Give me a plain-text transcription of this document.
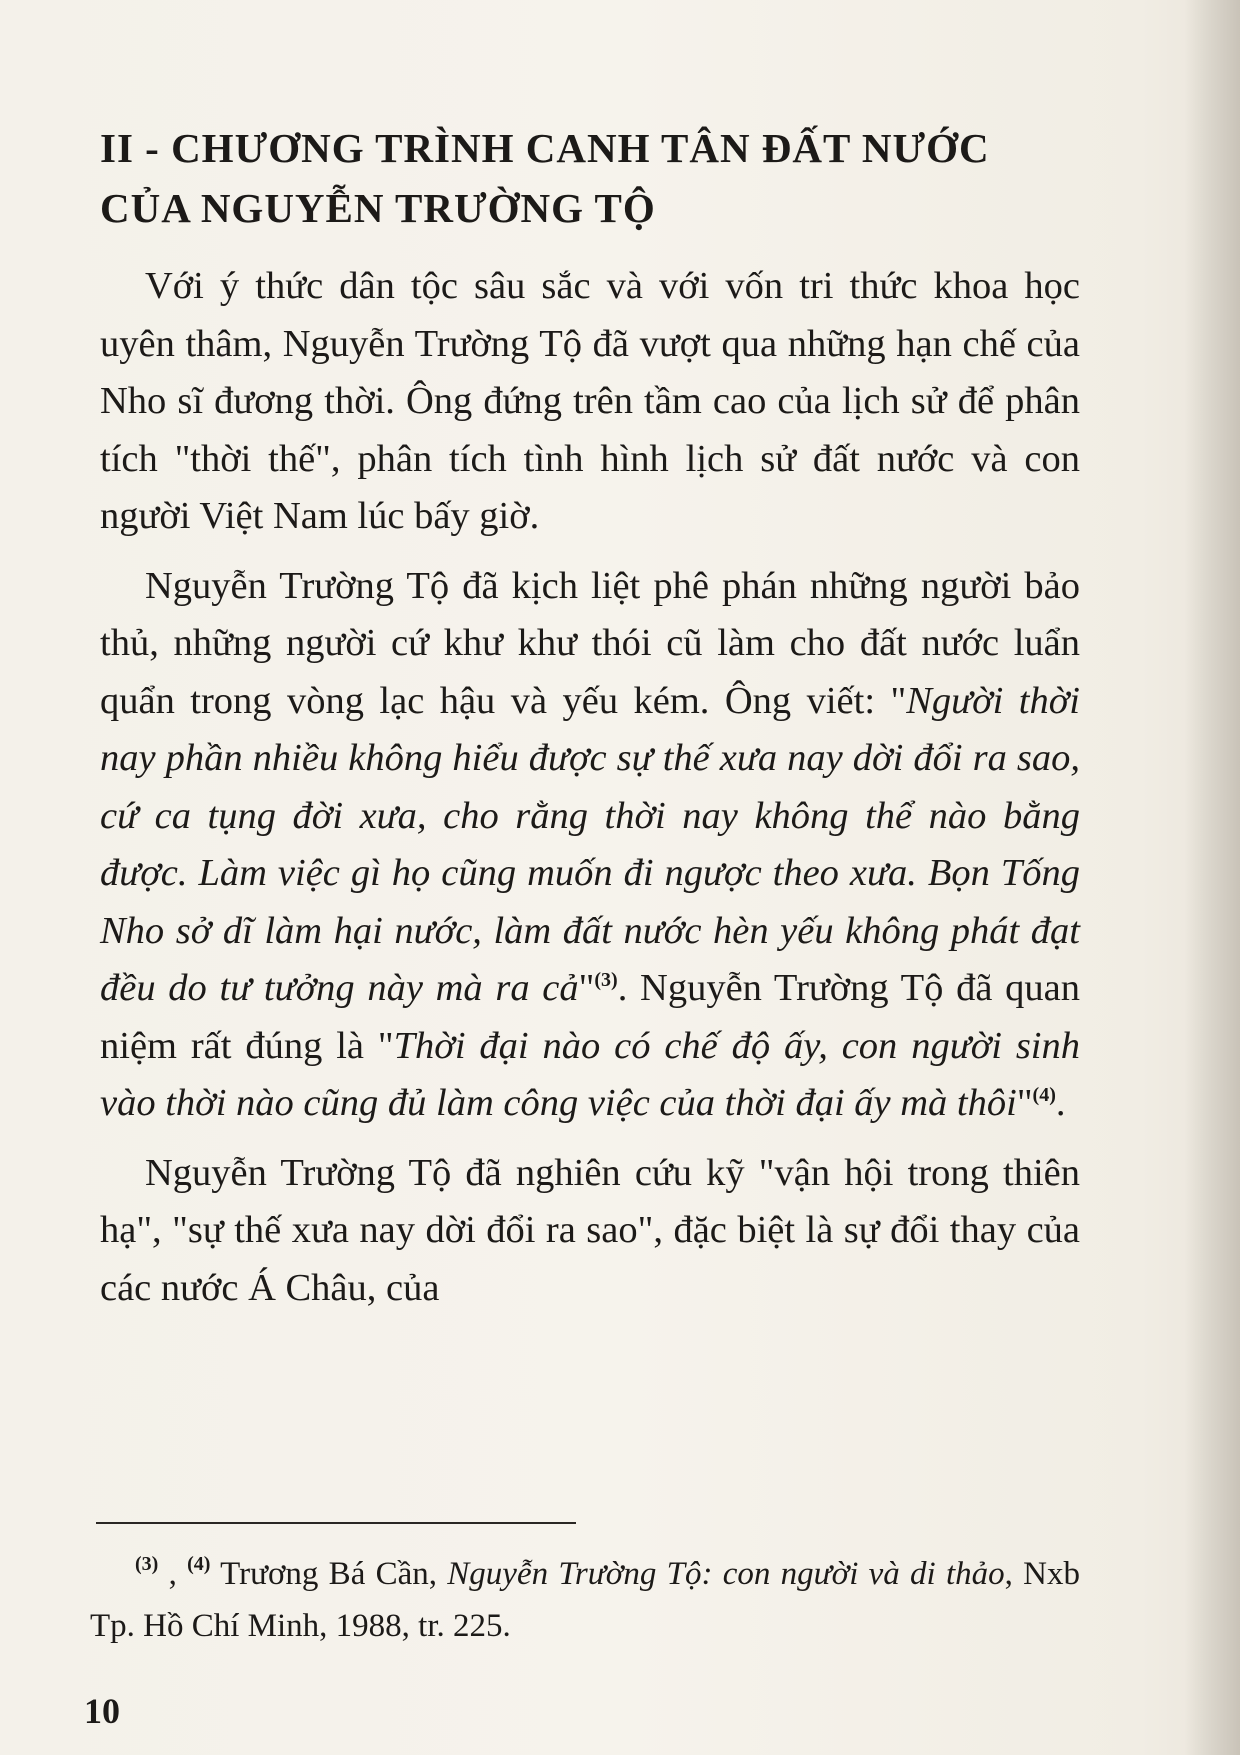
II - CHƯƠNG TRÌNH CANH TÂN ĐẤT NƯỚC
CỦA NGUYỄN TRƯỜNG TỘ

Với ý thức dân tộc sâu sắc và với vốn tri thức khoa học uyên thâm, Nguyễn Trường Tộ đã vượt qua những hạn chế của Nho sĩ đương thời. Ông đứng trên tầm cao của lịch sử để phân tích "thời thế", phân tích tình hình lịch sử đất nước và con người Việt Nam lúc bấy giờ.

Nguyễn Trường Tộ đã kịch liệt phê phán những người bảo thủ, những người cứ khư khư thói cũ làm cho đất nước luẩn quẩn trong vòng lạc hậu và yếu kém. Ông viết: "Người thời nay phần nhiều không hiểu được sự thế xưa nay dời đổi ra sao, cứ ca tụng đời xưa, cho rằng thời nay không thể nào bằng được. Làm việc gì họ cũng muốn đi ngược theo xưa. Bọn Tống Nho sở dĩ làm hại nước, làm đất nước hèn yếu không phát đạt đều do tư tưởng này mà ra cả"$^{(3)}$. Nguyễn Trường Tộ đã quan niệm rất đúng là "Thời đại nào có chế độ ấy, con người sinh vào thời nào cũng đủ làm công việc của thời đại ấy mà thôi"$^{(4)}$.

Nguyễn Trường Tộ đã nghiên cứu kỹ "vận hội trong thiên hạ", "sự thế xưa nay dời đổi ra sao", đặc biệt là sự đổi thay của các nước Á Châu, của

$^{(3)}$ , $^{(4)}$ Trương Bá Cần, Nguyễn Trường Tộ: con người và di thảo, Nxb Tp. Hồ Chí Minh, 1988, tr. 225.

10
